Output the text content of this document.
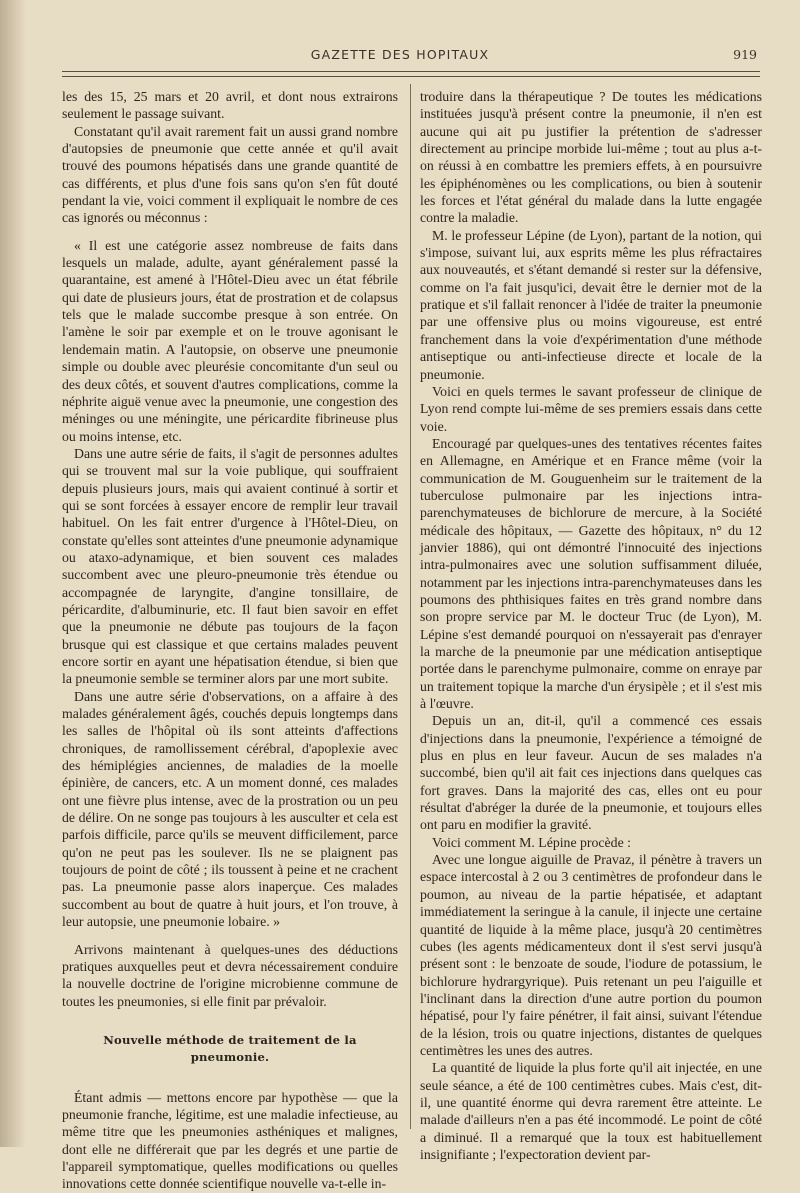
GAZETTE DES HOPITAUX	919

les des 15, 25 mars et 20 avril, et dont nous extrairons seulement le passage suivant.

Constatant qu'il avait rarement fait un aussi grand nombre d'autopsies de pneumonie que cette année et qu'il avait trouvé des poumons hépatisés dans une grande quantité de cas différents, et plus d'une fois sans qu'on s'en fût douté pendant la vie, voici comment il expliquait le nombre de ces cas ignorés ou méconnus :

« Il est une catégorie assez nombreuse de faits dans lesquels un malade, adulte, ayant généralement passé la quarantaine, est amené à l'Hôtel-Dieu avec un état fébrile qui date de plusieurs jours, état de prostration et de colapsus tels que le malade succombe presque à son entrée. On l'amène le soir par exemple et on le trouve agonisant le lendemain matin. A l'autopsie, on observe une pneumonie simple ou double avec pleurésie concomitante d'un seul ou des deux côtés, et souvent d'autres complications, comme la néphrite aiguë venue avec la pneumonie, une congestion des méninges ou une méningite, une péricardite fibrineuse plus ou moins intense, etc.

Dans une autre série de faits, il s'agit de personnes adultes qui se trouvent mal sur la voie publique, qui souffraient depuis plusieurs jours, mais qui avaient continué à sortir et qui se sont forcées à essayer encore de remplir leur travail habituel. On les fait entrer d'urgence à l'Hôtel-Dieu, on constate qu'elles sont atteintes d'une pneumonie adynamique ou ataxo-adynamique, et bien souvent ces malades succombent avec une pleuro-pneumonie très étendue ou accompagnée de laryngite, d'angine tonsillaire, de péricardite, d'albuminurie, etc. Il faut bien savoir en effet que la pneumonie ne débute pas toujours de la façon brusque qui est classique et que certains malades peuvent encore sortir en ayant une hépatisation étendue, si bien que la pneumonie semble se terminer alors par une mort subite.

Dans une autre série d'observations, on a affaire à des malades généralement âgés, couchés depuis longtemps dans les salles de l'hôpital où ils sont atteints d'affections chroniques, de ramollissement cérébral, d'apoplexie avec des hémiplégies anciennes, de maladies de la moelle épinière, de cancers, etc. A un moment donné, ces malades ont une fièvre plus intense, avec de la prostration ou un peu de délire. On ne songe pas toujours à les ausculter et cela est parfois difficile, parce qu'ils se meuvent difficilement, parce qu'on ne peut pas les soulever. Ils ne se plaignent pas toujours de point de côté ; ils toussent à peine et ne crachent pas. La pneumonie passe alors inaperçue. Ces malades succombent au bout de quatre à huit jours, et l'on trouve, à leur autopsie, une pneumonie lobaire. »

Arrivons maintenant à quelques-unes des déductions pratiques auxquelles peut et devra nécessairement conduire la nouvelle doctrine de l'origine microbienne commune de toutes les pneumonies, si elle finit par prévaloir.

Nouvelle méthode de traitement de la pneumonie.

Étant admis — mettons encore par hypothèse — que la pneumonie franche, légitime, est une maladie infectieuse, au même titre que les pneumonies asthéniques et malignes, dont elle ne différerait que par les degrés et une partie de l'appareil symptomatique, quelles modifications ou quelles innovations cette donnée scientifique nouvelle va-t-elle in-

troduire dans la thérapeutique ? De toutes les médications instituées jusqu'à présent contre la pneumonie, il n'en est aucune qui ait pu justifier la prétention de s'adresser directement au principe morbide lui-même ; tout au plus a-t-on réussi à en combattre les premiers effets, à en poursuivre les épiphénomènes ou les complications, ou bien à soutenir les forces et l'état général du malade dans la lutte engagée contre la maladie.

M. le professeur Lépine (de Lyon), partant de la notion, qui s'impose, suivant lui, aux esprits même les plus réfractaires aux nouveautés, et s'étant demandé si rester sur la défensive, comme on l'a fait jusqu'ici, devait être le dernier mot de la pratique et s'il fallait renoncer à l'idée de traiter la pneumonie par une offensive plus ou moins vigoureuse, est entré franchement dans la voie d'expérimentation d'une méthode antiseptique ou anti-infectieuse directe et locale de la pneumonie.

Voici en quels termes le savant professeur de clinique de Lyon rend compte lui-même de ses premiers essais dans cette voie.

Encouragé par quelques-unes des tentatives récentes faites en Allemagne, en Amérique et en France même (voir la communication de M. Gouguenheim sur le traitement de la tuberculose pulmonaire par les injections intra-parenchymateuses de bichlorure de mercure, à la Société médicale des hôpitaux, — Gazette des hôpitaux, n° du 12 janvier 1886), qui ont démontré l'innocuité des injections intra-pulmonaires avec une solution suffisamment diluée, notamment par les injections intra-parenchymateuses dans les poumons des phthisiques faites en très grand nombre dans son propre service par M. le docteur Truc (de Lyon), M. Lépine s'est demandé pourquoi on n'essayerait pas d'enrayer la marche de la pneumonie par une médication antiseptique portée dans le parenchyme pulmonaire, comme on enraye par un traitement topique la marche d'un érysipèle ; et il s'est mis à l'œuvre.

Depuis un an, dit-il, qu'il a commencé ces essais d'injections dans la pneumonie, l'expérience a témoigné de plus en plus en leur faveur. Aucun de ses malades n'a succombé, bien qu'il ait fait ces injections dans quelques cas fort graves. Dans la majorité des cas, elles ont eu pour résultat d'abréger la durée de la pneumonie, et toujours elles ont paru en modifier la gravité.

Voici comment M. Lépine procède :

Avec une longue aiguille de Pravaz, il pénètre à travers un espace intercostal à 2 ou 3 centimètres de profondeur dans le poumon, au niveau de la partie hépatisée, et adaptant immédiatement la seringue à la canule, il injecte une certaine quantité de liquide à la même place, jusqu'à 20 centimètres cubes (les agents médicamenteux dont il s'est servi jusqu'à présent sont : le benzoate de soude, l'iodure de potassium, le bichlorure hydrargyrique). Puis retenant un peu l'aiguille et l'inclinant dans la direction d'une autre portion du poumon hépatisé, pour l'y faire pénétrer, il fait ainsi, suivant l'étendue de la lésion, trois ou quatre injections, distantes de quelques centimètres les unes des autres.

La quantité de liquide la plus forte qu'il ait injectée, en une seule séance, a été de 100 centimètres cubes. Mais c'est, dit-il, une quantité énorme qui devra rarement être atteinte. Le malade d'ailleurs n'en a pas été incommodé. Le point de côté a diminué. Il a remarqué que la toux est habituellement insignifiante ; l'expectoration devient par-
